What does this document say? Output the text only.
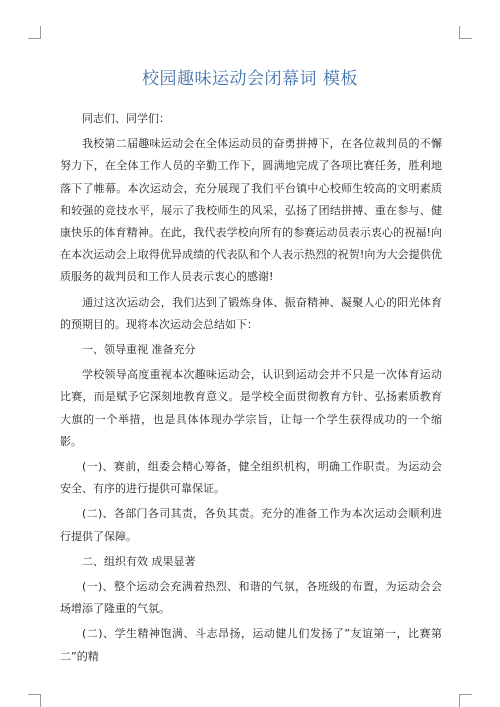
校园趣味运动会闭幕词 模板

同志们、同学们：

我校第二届趣味运动会在全体运动员的奋勇拼搏下，在各位裁判员的不懈努力下，在全体工作人员的辛勤工作下，圆满地完成了各项比赛任务，胜利地落下了帷幕。本次运动会，充分展现了我们平台镇中心校师生较高的文明素质和较强的竞技水平，展示了我校师生的风采，弘扬了团结拼搏、重在参与、健康快乐的体育精神。在此，我代表学校向所有的参赛运动员表示衷心的祝福!向在本次运动会上取得优异成绩的代表队和个人表示热烈的祝贺!向为大会提供优质服务的裁判员和工作人员表示衷心的感谢!

通过这次运动会，我们达到了锻炼身体、振奋精神、凝聚人心的阳光体育的预期目的。现将本次运动会总结如下：

一、领导重视 准备充分

学校领导高度重视本次趣味运动会，认识到运动会并不只是一次体育运动比赛，而是赋予它深刻地教育意义。是学校全面贯彻教育方针、弘扬素质教育大旗的一个举措，也是具体体现办学宗旨，让每一个学生获得成功的一个缩影。

(一)、赛前，组委会精心筹备，健全组织机构，明确工作职责。为运动会安全、有序的进行提供可靠保证。

(二)、各部门各司其责，各负其责。充分的准备工作为本次运动会顺利进行提供了保障。

二、组织有效 成果显著

(一)、整个运动会充满着热烈、和谐的气氛，各班级的布置，为运动会会场增添了隆重的气氛。

(二)、学生精神饱满、斗志昂扬，运动健儿们发扬了”友谊第一，比赛第二”的精
